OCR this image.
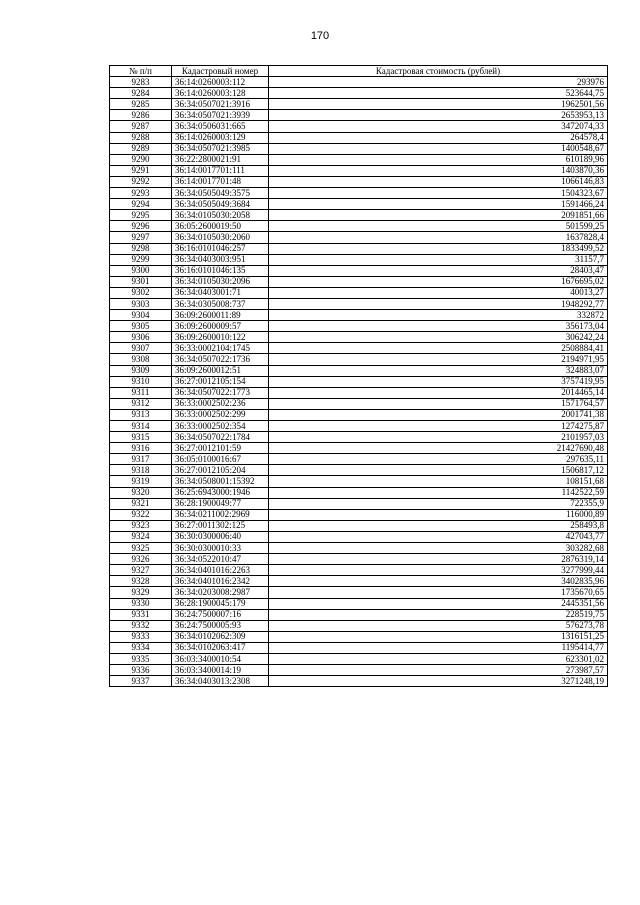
170
№ п/п	Кадастровый номер	Кадастровая стоимость (рублей)
9283	36:14:0260003:112	293976
9284	36:14:0260003:128	523644,75
9285	36:34:0507021:3916	1962501,56
9286	36:34:0507021:3939	2653953,13
9287	36:34:0506031:665	3472074,33
9288	36:14:0260003:129	264578,4
9289	36:34:0507021:3985	1400548,67
9290	36:22:2800021:91	610189,96
9291	36:14:0017701:111	1403870,36
9292	36:14:0017701:48	1066146,83
9293	36:34:0505049:3575	1504323,67
9294	36:34:0505049:3684	1591466,24
9295	36:34:0105030:2058	2091851,66
9296	36:05:2600019:50	501599,25
9297	36:34:0105030:2060	1637828,4
9298	36:16:0101046:257	1833499,52
9299	36:34:0403003:951	31157,7
9300	36:16:0101046:135	28403,47
9301	36:34:0105030:2096	1676695,02
9302	36:34:0403001:71	40013,27
9303	36:34:0305008:737	1948292,77
9304	36:09:2600011:89	332872
9305	36:09:2600009:57	356173,04
9306	36:09:2600010:122	306242,24
9307	36:33:0002104:1745	2508884,41
9308	36:34:0507022:1736	2194971,95
9309	36:09:2600012:51	324883,07
9310	36:27:0012105:154	3757419,95
9311	36:34:0507022:1773	2014465,14
9312	36:33:0002502:236	1571764,57
9313	36:33:0002502:299	2001741,38
9314	36:33:0002502:354	1274275,87
9315	36:34:0507022:1784	2101957,03
9316	36:27:0012101:59	21427690,48
9317	36:05:0100016:67	297635,11
9318	36:27:0012105:204	1506817,12
9319	36:34:0508001:15392	108151,68
9320	36:25:6943000:1946	1142522,59
9321	36:28:1900049:77	722355,9
9322	36:34:0211002:2969	116000,89
9323	36:27:0011302:125	258493,8
9324	36:30:0300006:40	427043,77
9325	36:30:0300010:33	303282,68
9326	36:34:0522010:47	2876319,14
9327	36:34:0401016:2263	3277999,44
9328	36:34:0401016:2342	3402835,96
9329	36:34:0203008:2987	1735670,65
9330	36:28:1900045:179	2445351,56
9331	36:24:7500007:16	228519,75
9332	36:24:7500005:93	576273,78
9333	36:34:0102062:309	1316151,25
9334	36:34:0102063:417	1195414,77
9335	36:03:3400010:54	623301,02
9336	36:03:3400014:19	273987,57
9337	36:34:0403013:2308	3271248,19
